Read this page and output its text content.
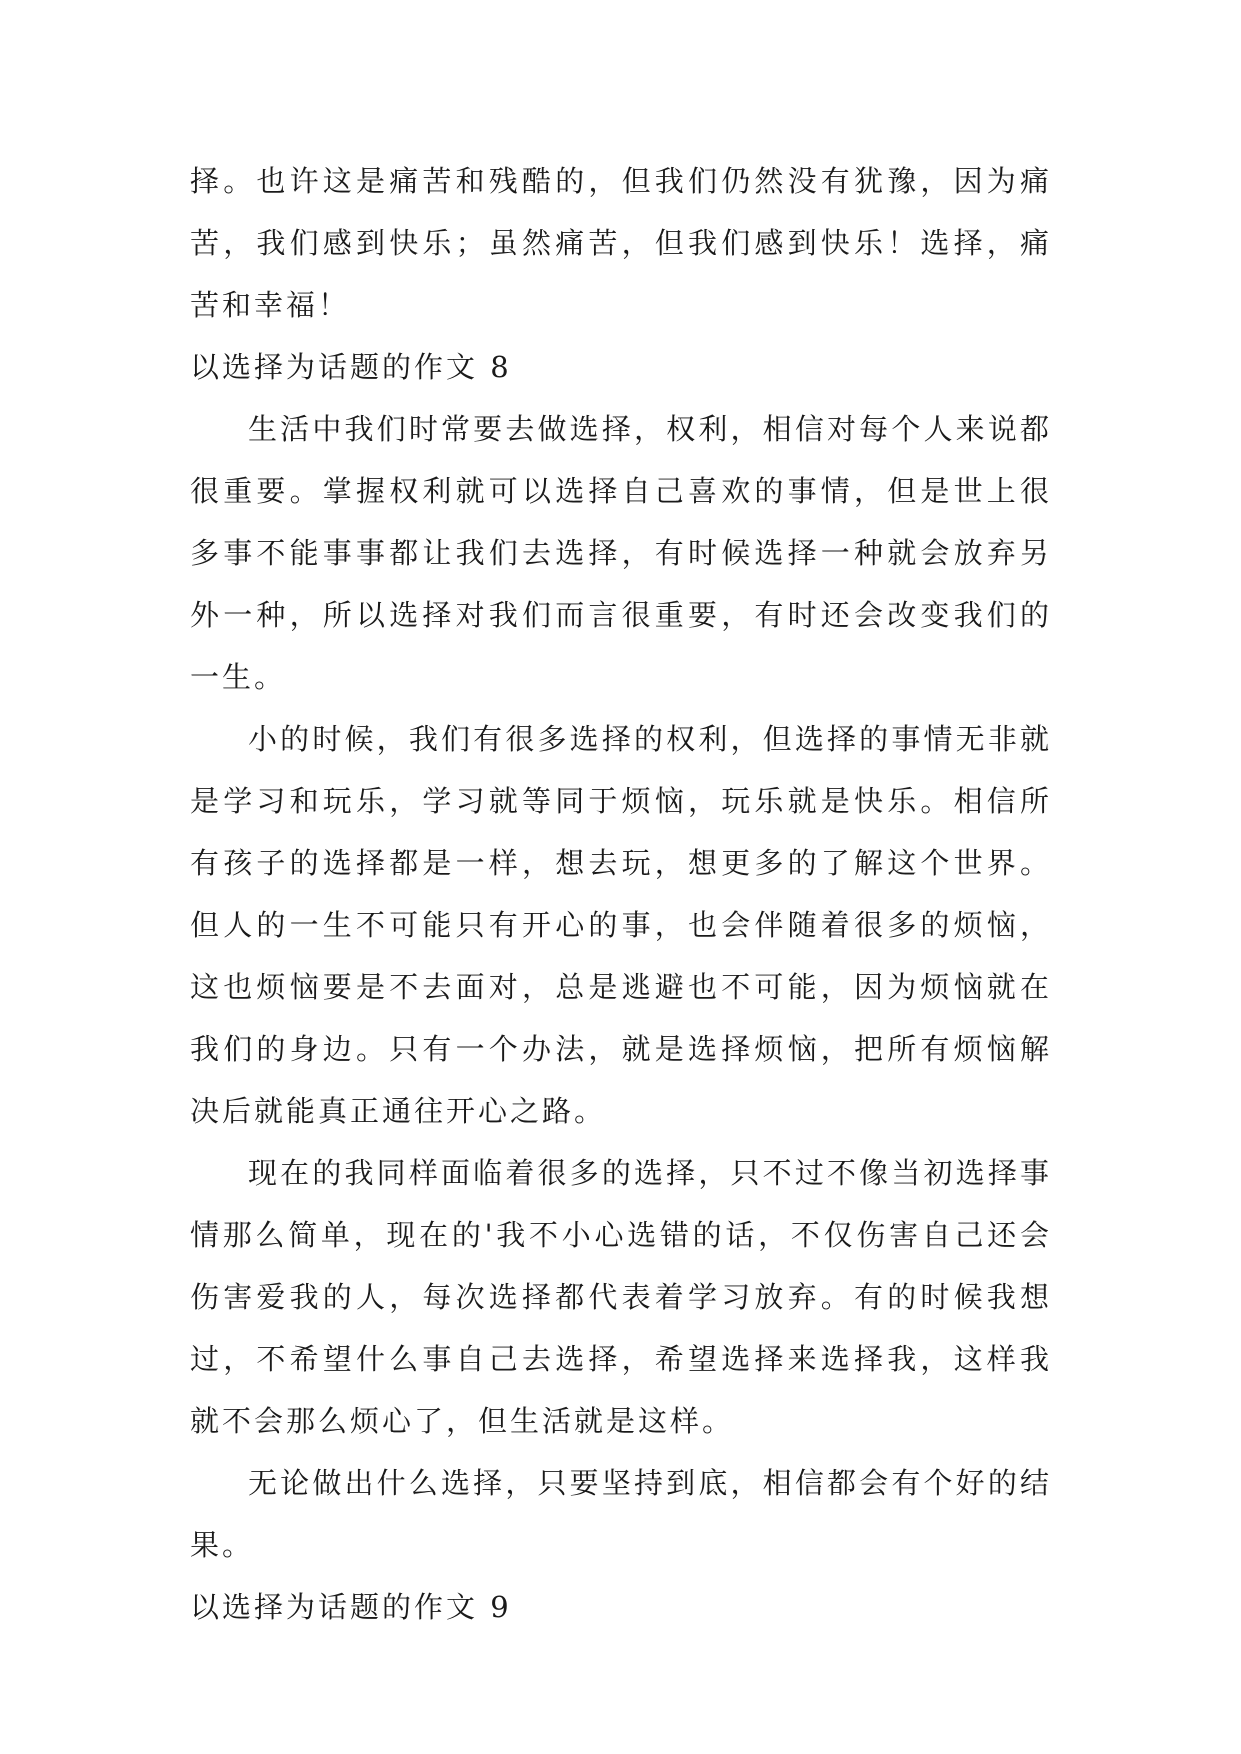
择。也许这是痛苦和残酷的，但我们仍然没有犹豫，因为痛苦，我们感到快乐；虽然痛苦，但我们感到快乐！选择，痛苦和幸福！

以选择为话题的作文 8

生活中我们时常要去做选择，权利，相信对每个人来说都很重要。掌握权利就可以选择自己喜欢的事情，但是世上很多事不能事事都让我们去选择，有时候选择一种就会放弃另外一种，所以选择对我们而言很重要，有时还会改变我们的一生。

小的时候，我们有很多选择的权利，但选择的事情无非就是学习和玩乐，学习就等同于烦恼，玩乐就是快乐。相信所有孩子的选择都是一样，想去玩，想更多的了解这个世界。但人的一生不可能只有开心的事，也会伴随着很多的烦恼，这也烦恼要是不去面对，总是逃避也不可能，因为烦恼就在我们的身边。只有一个办法，就是选择烦恼，把所有烦恼解决后就能真正通往开心之路。

现在的我同样面临着很多的选择，只不过不像当初选择事情那么简单，现在的'我不小心选错的话，不仅伤害自己还会伤害爱我的人，每次选择都代表着学习放弃。有的时候我想过，不希望什么事自己去选择，希望选择来选择我，这样我就不会那么烦心了，但生活就是这样。

无论做出什么选择，只要坚持到底，相信都会有个好的结果。

以选择为话题的作文 9
